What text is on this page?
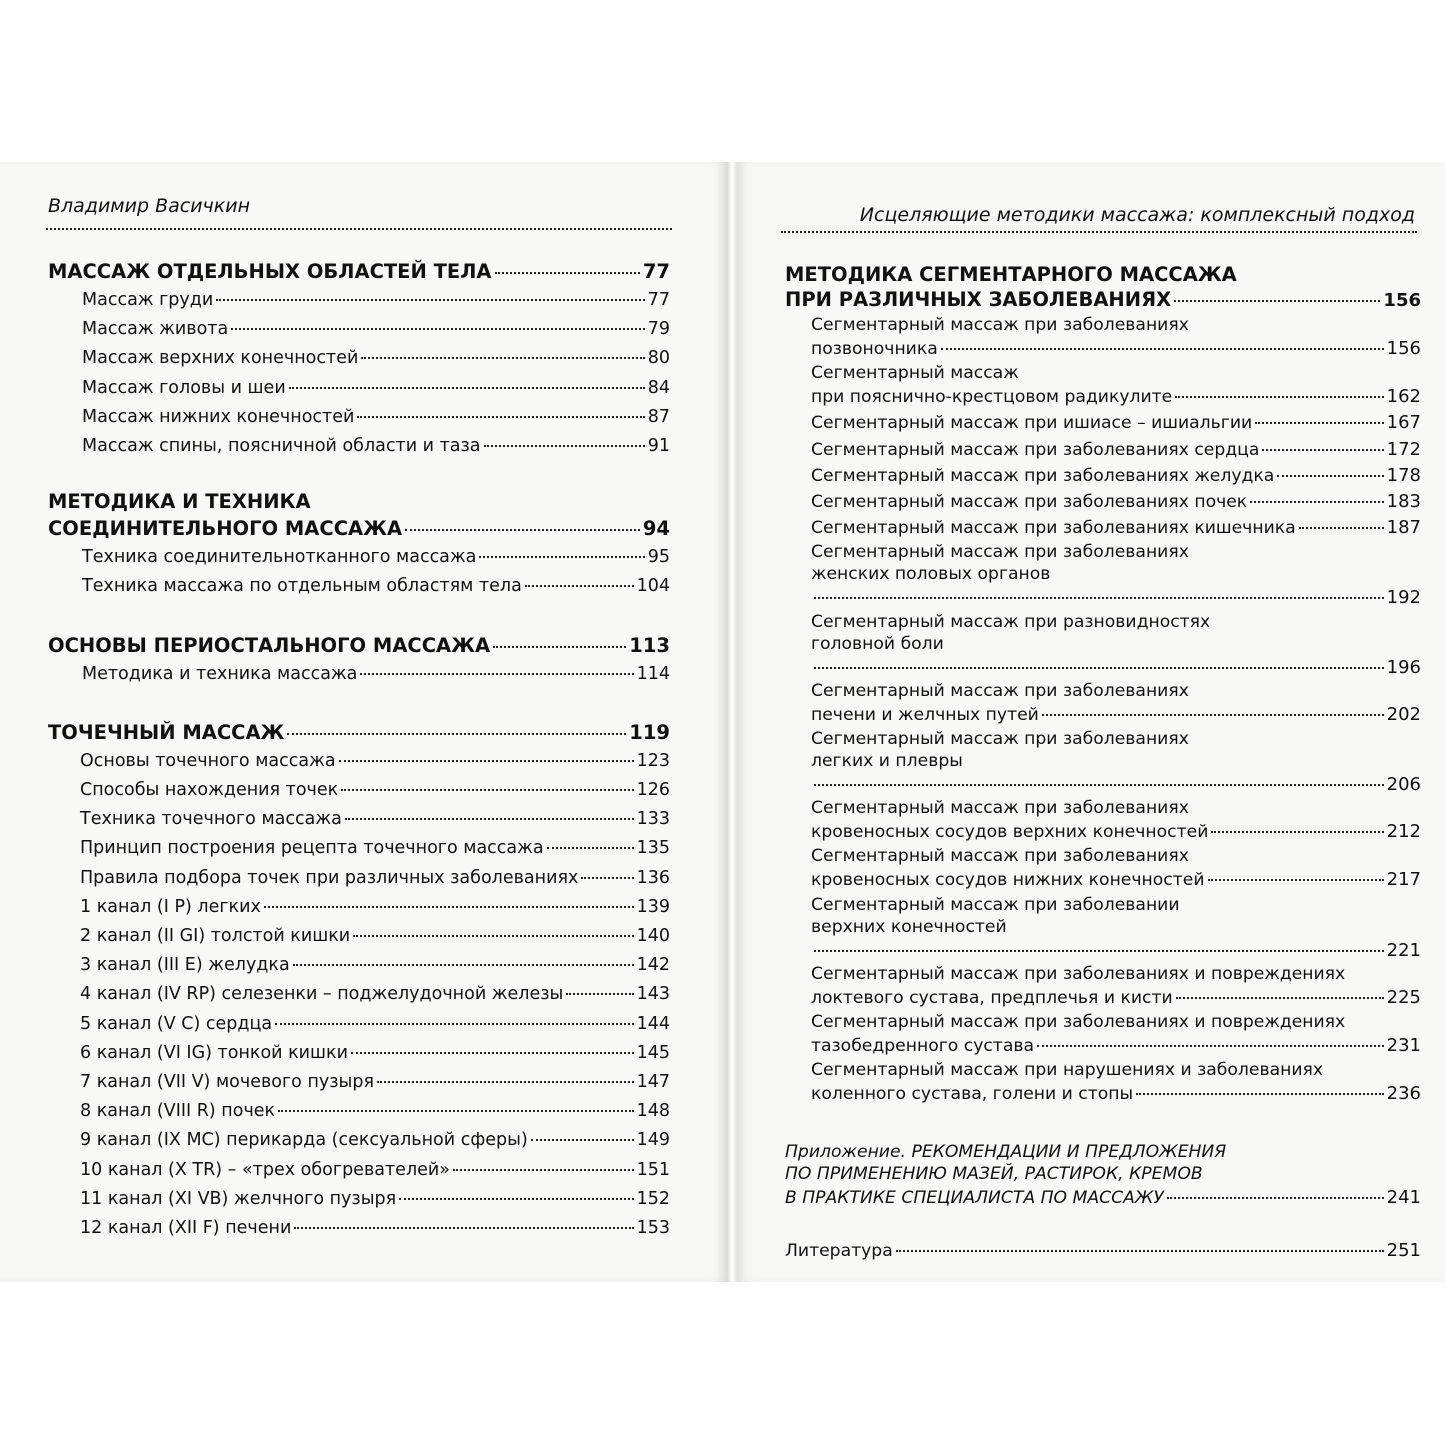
Владимир Васичкин
МАССАЖ ОТДЕЛЬНЫХ ОБЛАСТЕЙ ТЕЛА	77
Массаж груди	77
Массаж живота	79
Массаж верхних конечностей	80
Массаж головы и шеи	84
Массаж нижних конечностей	87
Массаж спины, поясничной области и таза	91
МЕТОДИКА И ТЕХНИКА
СОЕДИНИТЕЛЬНОГО МАССАЖА	94
Техника соединительнотканного массажа	95
Техника массажа по отдельным областям тела	104
ОСНОВЫ ПЕРИОСТАЛЬНОГО МАССАЖА	113
Методика и техника массажа	114
ТОЧЕЧНЫЙ МАССАЖ	119
Основы точечного массажа	123
Способы нахождения точек	126
Техника точечного массажа	133
Принцип построения рецепта точечного массажа	135
Правила подбора точек при различных заболеваниях	136
1 канал (I P) легких	139
2 канал (II GI) толстой кишки	140
3 канал (III E) желудка	142
4 канал (IV RP) селезенки – поджелудочной железы	143
5 канал (V C) сердца	144
6 канал (VI IG) тонкой кишки	145
7 канал (VII V) мочевого пузыря	147
8 канал (VIII R) почек	148
9 канал (IX MC) перикарда (сексуальной сферы)	149
10 канал (X TR) – «трех обогревателей»	151
11 канал (XI VB) желчного пузыря	152
12 канал (XII F) печени	153
Исцеляющие методики массажа: комплексный подход
МЕТОДИКА СЕГМЕНТАРНОГО МАССАЖА
ПРИ РАЗЛИЧНЫХ ЗАБОЛЕВАНИЯХ	156
Сегментарный массаж при заболеваниях
позвоночника	156
Сегментарный массаж
при пояснично-крестцовом радикулите	162
Сегментарный массаж при ишиасе – ишиальгии	167
Сегментарный массаж при заболеваниях сердца	172
Сегментарный массаж при заболеваниях желудка	178
Сегментарный массаж при заболеваниях почек	183
Сегментарный массаж при заболеваниях кишечника	187
Сегментарный массаж при заболеваниях
женских половых органов
192
Сегментарный массаж при разновидностях
головной боли
196
Сегментарный массаж при заболеваниях
печени и желчных путей	202
Сегментарный массаж при заболеваниях
легких и плевры
206
Сегментарный массаж при заболеваниях
кровеносных сосудов верхних конечностей	212
Сегментарный массаж при заболеваниях
кровеносных сосудов нижних конечностей	217
Сегментарный массаж при заболевании
верхних конечностей
221
Сегментарный массаж при заболеваниях и повреждениях
локтевого сустава, предплечья и кисти	225
Сегментарный массаж при заболеваниях и повреждениях
тазобедренного сустава	231
Сегментарный массаж при нарушениях и заболеваниях
коленного сустава, голени и стопы	236
Приложение. РЕКОМЕНДАЦИИ И ПРЕДЛОЖЕНИЯ
ПО ПРИМЕНЕНИЮ МАЗЕЙ, РАСТИРОК, КРЕМОВ
В ПРАКТИКЕ СПЕЦИАЛИСТА ПО МАССАЖУ	241
Литература	251
